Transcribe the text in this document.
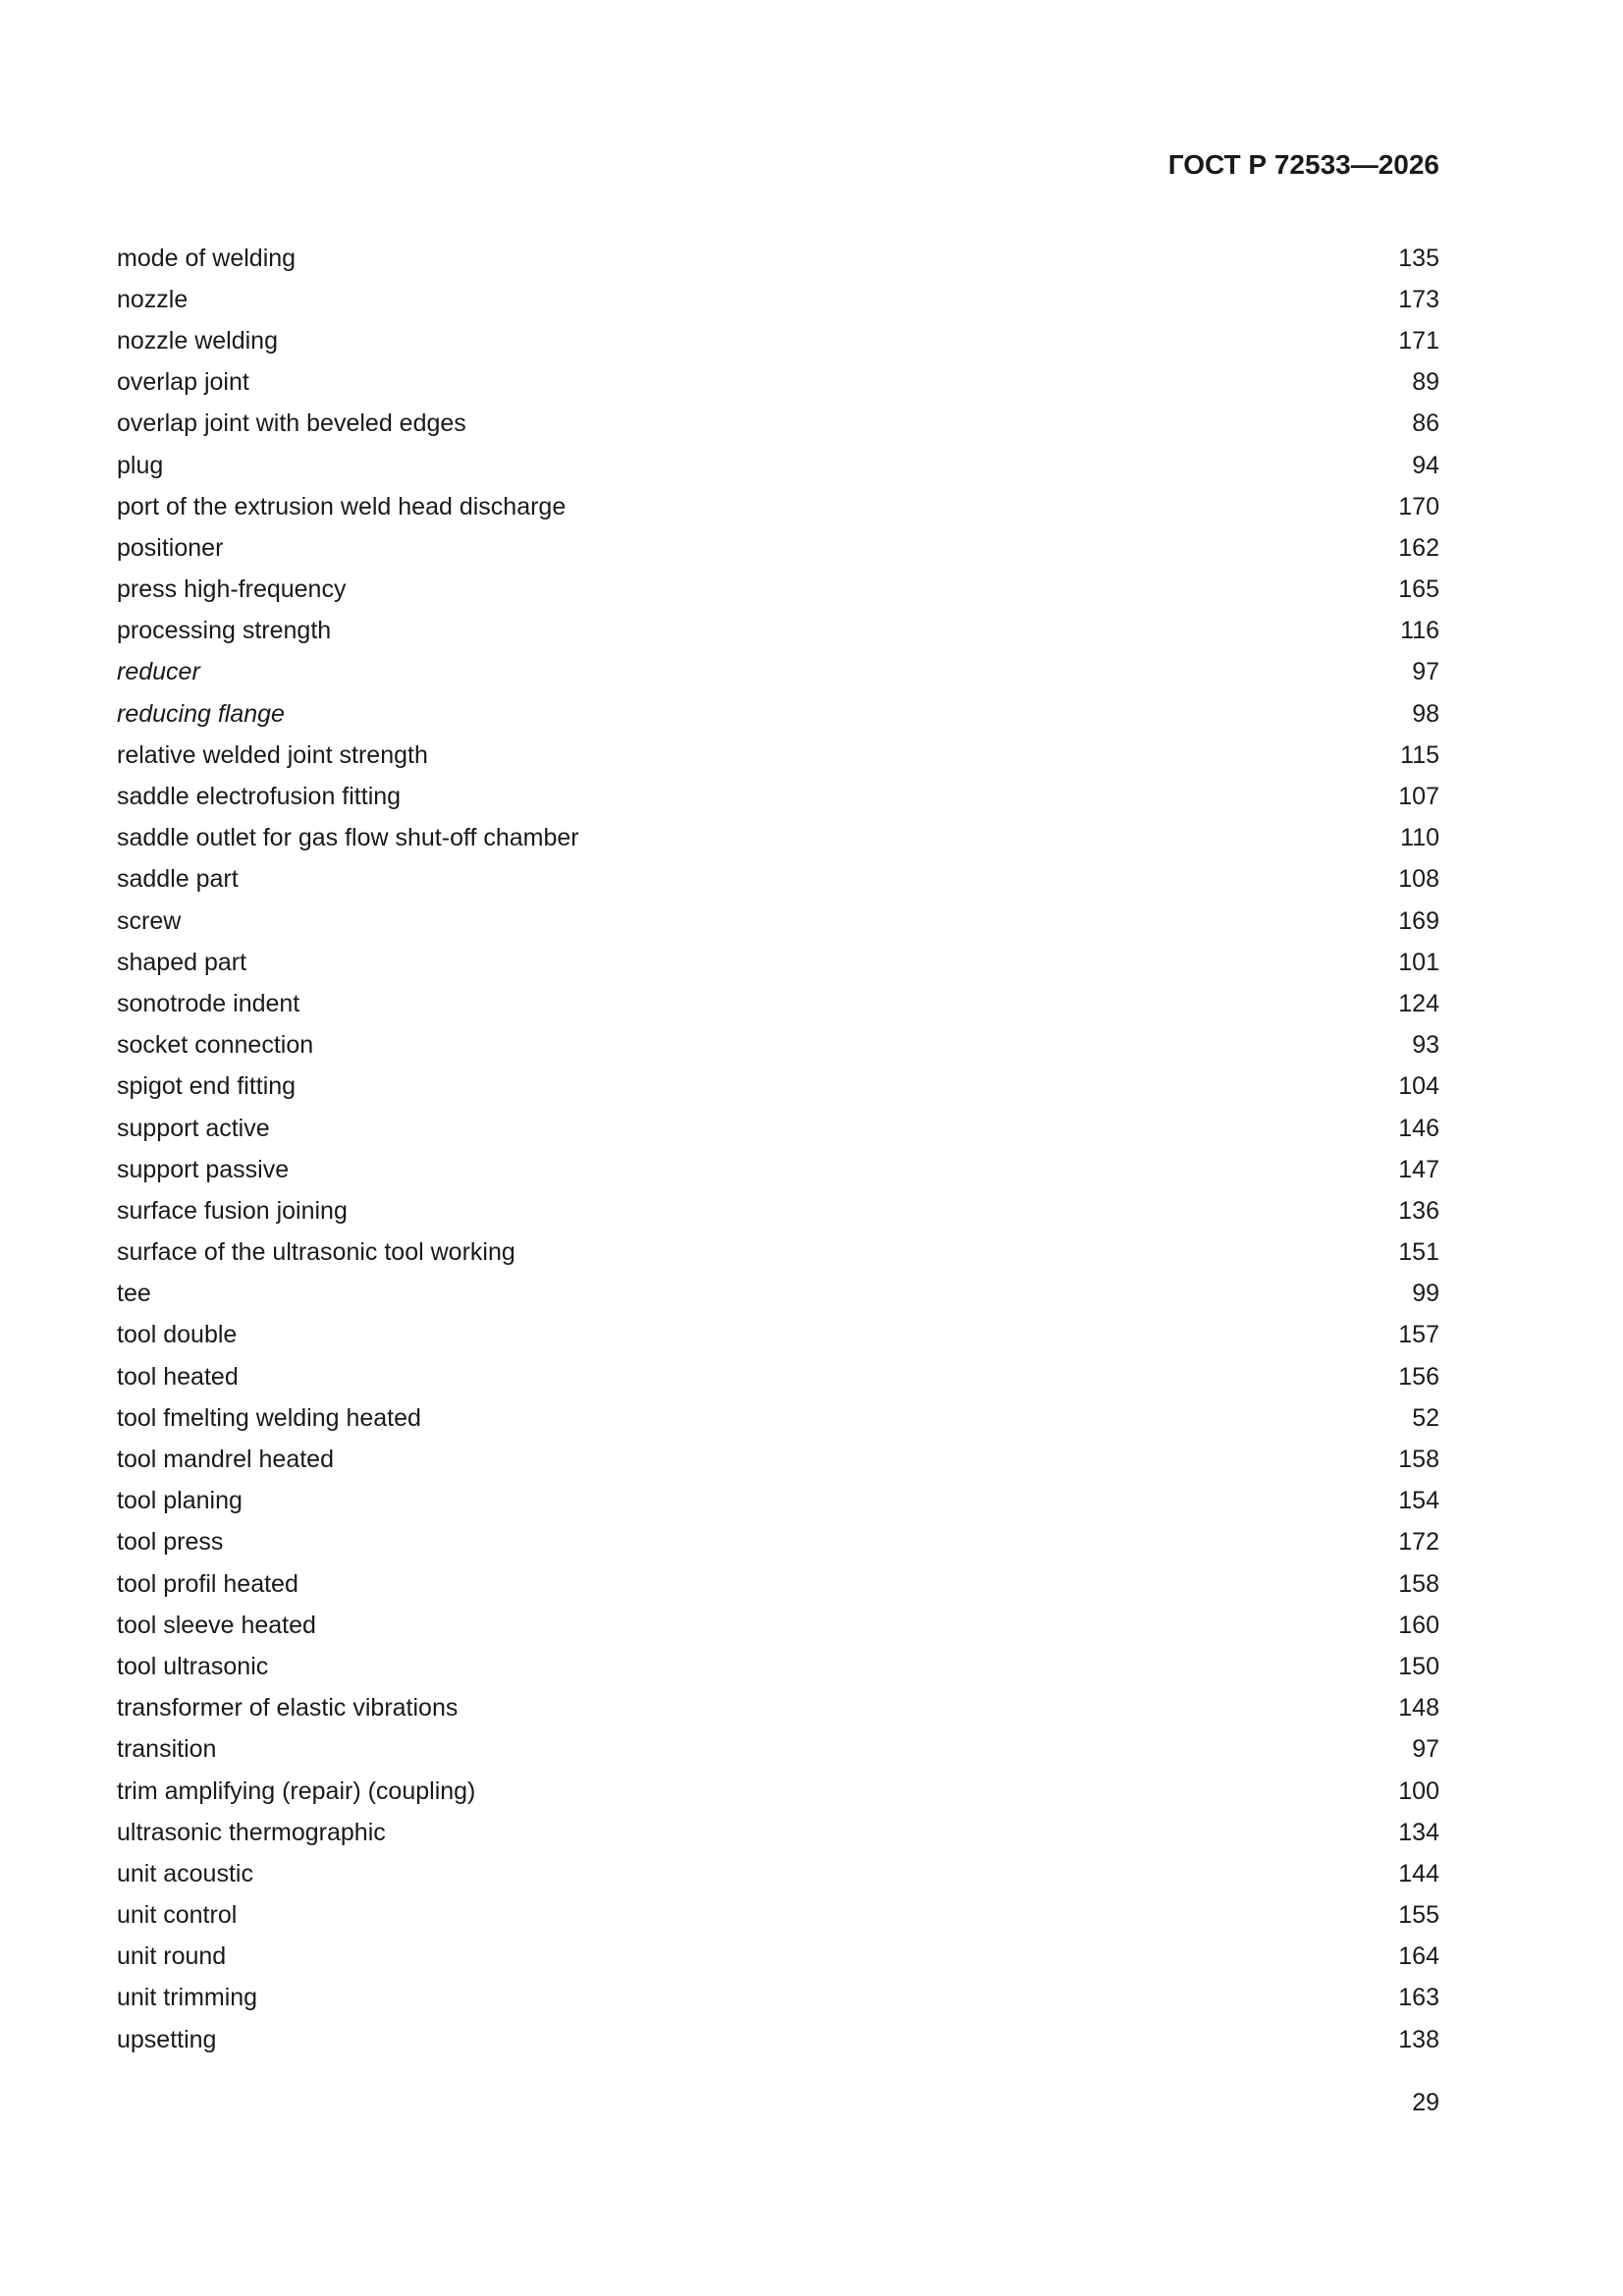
ГОСТ Р 72533—2026
mode of welding	135
nozzle	173
nozzle welding	171
overlap joint	89
overlap joint with beveled edges	86
plug	94
port of the extrusion weld head discharge	170
positioner	162
press high-frequency	165
processing strength	116
reducer	97
reducing flange	98
relative welded joint strength	115
saddle electrofusion fitting	107
saddle outlet for gas flow shut-off chamber	110
saddle part	108
screw	169
shaped part	101
sonotrode indent	124
socket connection	93
spigot end fitting	104
support active	146
support passive	147
surface fusion joining	136
surface of the ultrasonic tool working	151
tee	99
tool double	157
tool heated	156
tool fmelting welding heated	52
tool mandrel heated	158
tool planing	154
tool press	172
tool profil heated	158
tool sleeve heated	160
tool ultrasonic	150
transformer of elastic vibrations	148
transition	97
trim amplifying (repair) (coupling)	100
ultrasonic thermographic	134
unit acoustic	144
unit control	155
unit round	164
unit trimming	163
upsetting	138
29
